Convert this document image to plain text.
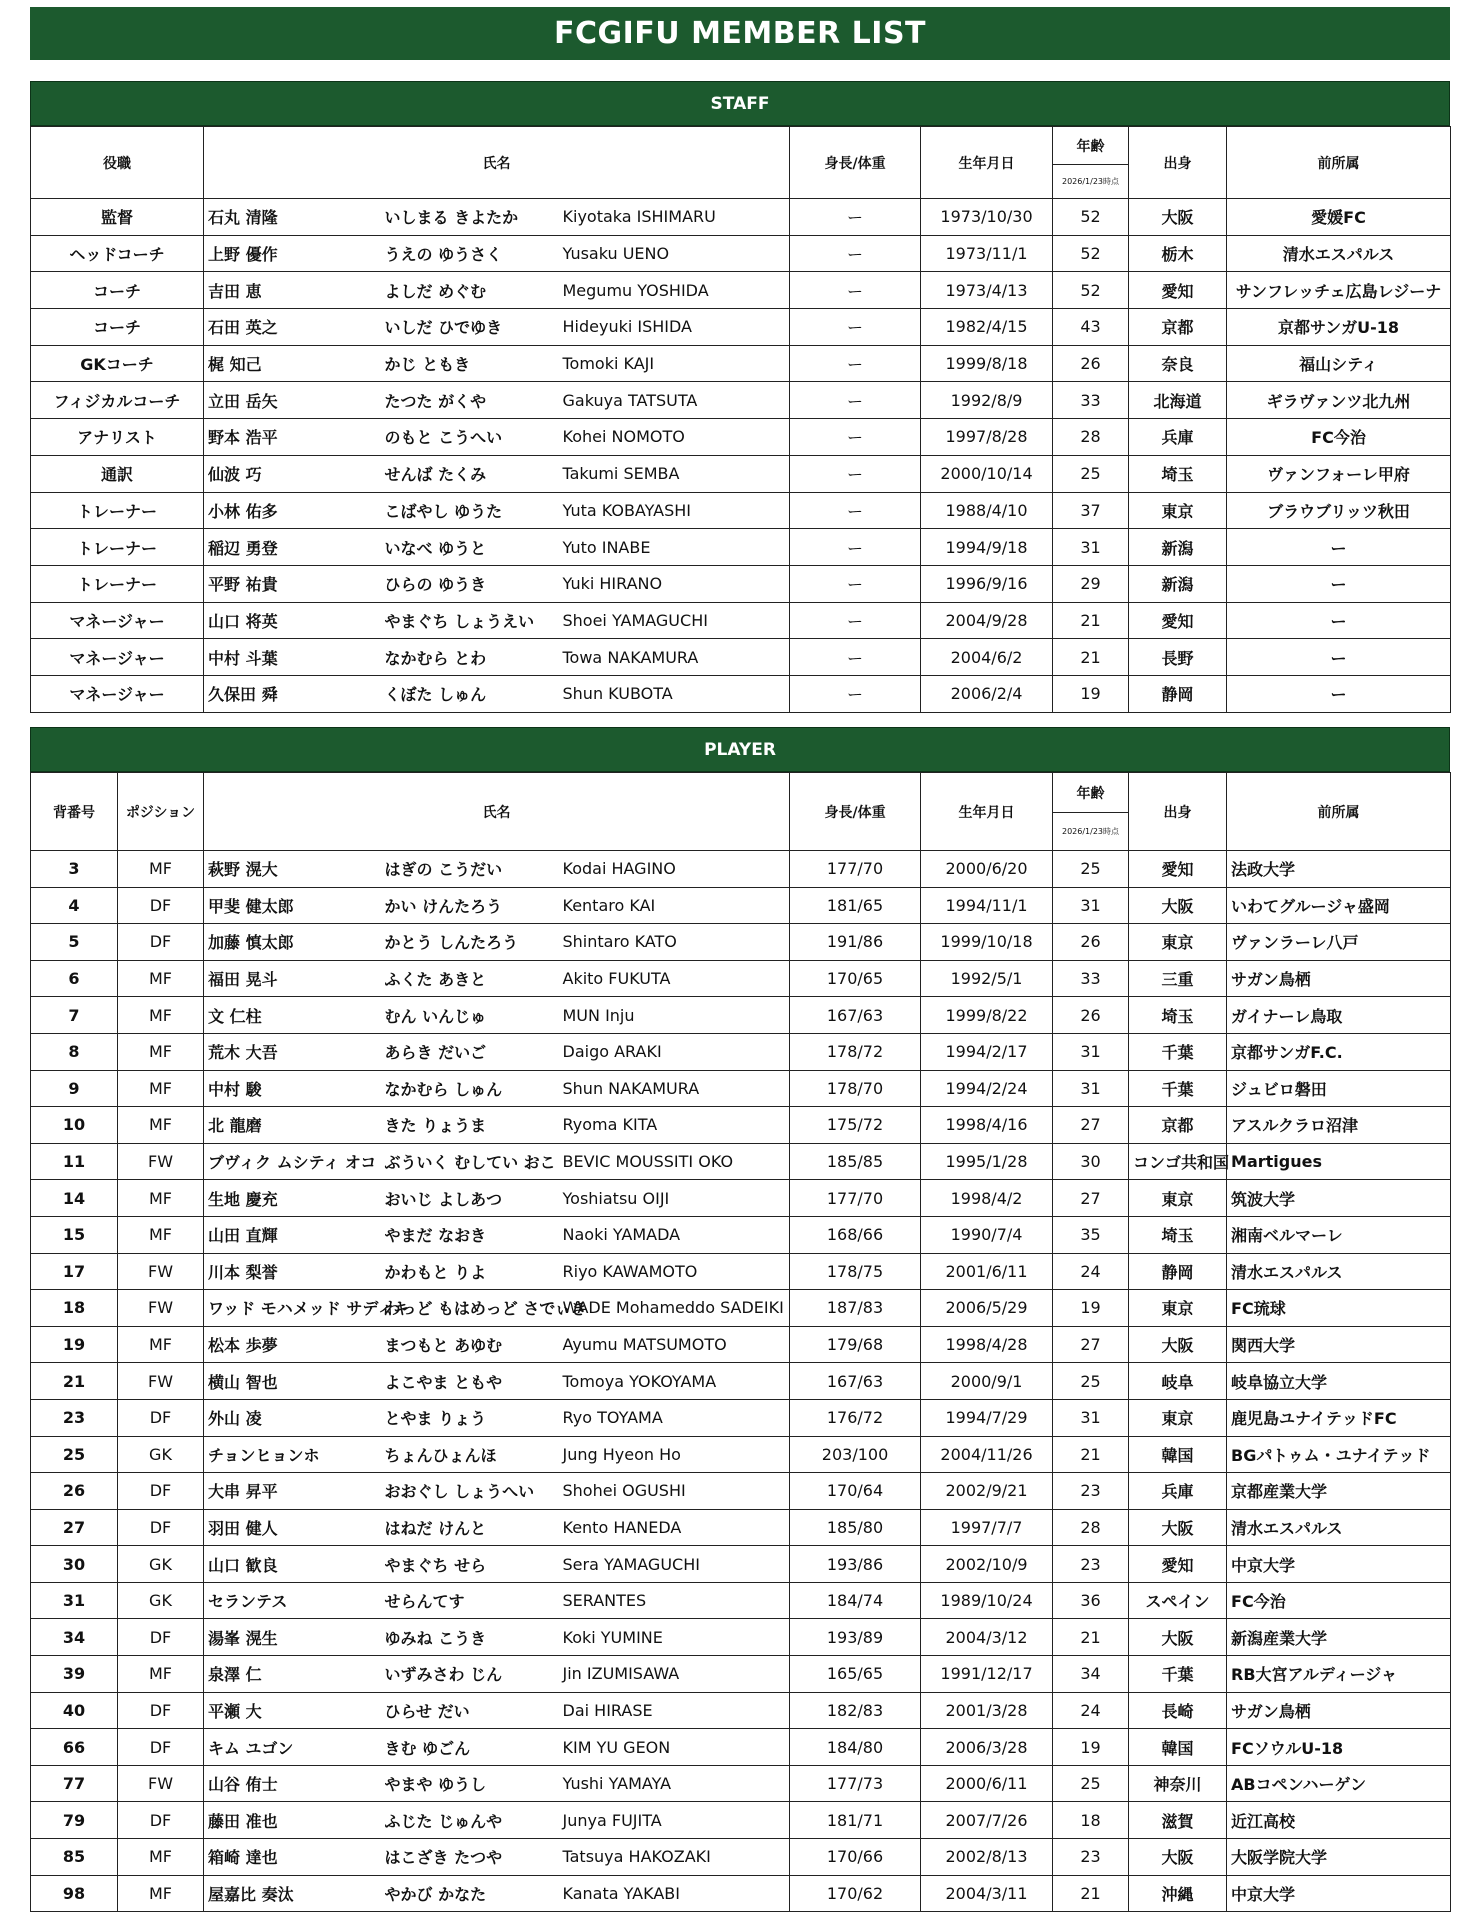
FCGIFU MEMBER LIST
STAFF
役職	氏名			身長/体重	生年月日	年齢	出身	前所属
						2026/1/23時点		
監督	石丸 清隆	いしまる きよたか	Kiyotaka ISHIMARU	ー	1973/10/30	52	大阪	愛媛FC
ヘッドコーチ	上野 優作	うえの ゆうさく	Yusaku UENO	ー	1973/11/1	52	栃木	清水エスパルス
コーチ	吉田 恵	よしだ めぐむ	Megumu YOSHIDA	ー	1973/4/13	52	愛知	サンフレッチェ広島レジーナ
コーチ	石田 英之	いしだ ひでゆき	Hideyuki ISHIDA	ー	1982/4/15	43	京都	京都サンガU-18
GKコーチ	梶 知己	かじ ともき	Tomoki KAJI	ー	1999/8/18	26	奈良	福山シティ
フィジカルコーチ	立田 岳矢	たつた がくや	Gakuya TATSUTA	ー	1992/8/9	33	北海道	ギラヴァンツ北九州
アナリスト	野本 浩平	のもと こうへい	Kohei NOMOTO	ー	1997/8/28	28	兵庫	FC今治
通訳	仙波 巧	せんば たくみ	Takumi SEMBA	ー	2000/10/14	25	埼玉	ヴァンフォーレ甲府
トレーナー	小林 佑多	こばやし ゆうた	Yuta KOBAYASHI	ー	1988/4/10	37	東京	ブラウブリッツ秋田
トレーナー	稲辺 勇登	いなべ ゆうと	Yuto INABE	ー	1994/9/18	31	新潟	ー
トレーナー	平野 祐貴	ひらの ゆうき	Yuki HIRANO	ー	1996/9/16	29	新潟	ー
マネージャー	山口 将英	やまぐち しょうえい	Shoei YAMAGUCHI	ー	2004/9/28	21	愛知	ー
マネージャー	中村 斗葉	なかむら とわ	Towa NAKAMURA	ー	2004/6/2	21	長野	ー
マネージャー	久保田 舜	くぼた しゅん	Shun KUBOTA	ー	2006/2/4	19	静岡	ー
PLAYER
背番号	ポジション	氏名			身長/体重	生年月日	年齢	出身	前所属
							2026/1/23時点		
3	MF	萩野 滉大	はぎの こうだい	Kodai HAGINO	177/70	2000/6/20	25	愛知	法政大学
4	DF	甲斐 健太郎	かい けんたろう	Kentaro KAI	181/65	1994/11/1	31	大阪	いわてグルージャ盛岡
5	DF	加藤 慎太郎	かとう しんたろう	Shintaro KATO	191/86	1999/10/18	26	東京	ヴァンラーレ八戸
6	MF	福田 晃斗	ふくた あきと	Akito FUKUTA	170/65	1992/5/1	33	三重	サガン鳥栖
7	MF	文 仁柱	むん いんじゅ	MUN Inju	167/63	1999/8/22	26	埼玉	ガイナーレ鳥取
8	MF	荒木 大吾	あらき だいご	Daigo ARAKI	178/72	1994/2/17	31	千葉	京都サンガF.C.
9	MF	中村 駿	なかむら しゅん	Shun NAKAMURA	178/70	1994/2/24	31	千葉	ジュビロ磐田
10	MF	北 龍磨	きた りょうま	Ryoma KITA	175/72	1998/4/16	27	京都	アスルクラロ沼津
11	FW	ブヴィク ムシティ オコ	ぶういく むしてい おこ	BEVIC MOUSSITI OKO	185/85	1995/1/28	30	コンゴ共和国	Martigues
14	MF	生地 慶充	おいじ よしあつ	Yoshiatsu OIJI	177/70	1998/4/2	27	東京	筑波大学
15	MF	山田 直輝	やまだ なおき	Naoki YAMADA	168/66	1990/7/4	35	埼玉	湘南ベルマーレ
17	FW	川本 梨誉	かわもと りよ	Riyo KAWAMOTO	178/75	2001/6/11	24	静岡	清水エスパルス
18	FW	ワッド モハメッド サディキ	わっど もはめっど さでぃき	WADE Mohameddo SADEIKI	187/83	2006/5/29	19	東京	FC琉球
19	MF	松本 歩夢	まつもと あゆむ	Ayumu MATSUMOTO	179/68	1998/4/28	27	大阪	関西大学
21	FW	横山 智也	よこやま ともや	Tomoya YOKOYAMA	167/63	2000/9/1	25	岐阜	岐阜協立大学
23	DF	外山 凌	とやま りょう	Ryo TOYAMA	176/72	1994/7/29	31	東京	鹿児島ユナイテッドFC
25	GK	チョンヒョンホ	ちょんひょんほ	Jung Hyeon Ho	203/100	2004/11/26	21	韓国	BGパトゥム・ユナイテッド
26	DF	大串 昇平	おおぐし しょうへい	Shohei OGUSHI	170/64	2002/9/21	23	兵庫	京都産業大学
27	DF	羽田 健人	はねだ けんと	Kento HANEDA	185/80	1997/7/7	28	大阪	清水エスパルス
30	GK	山口 歓良	やまぐち せら	Sera YAMAGUCHI	193/86	2002/10/9	23	愛知	中京大学
31	GK	セランテス	せらんてす	SERANTES	184/74	1989/10/24	36	スペイン	FC今治
34	DF	湯峯 滉生	ゆみね こうき	Koki YUMINE	193/89	2004/3/12	21	大阪	新潟産業大学
39	MF	泉澤 仁	いずみさわ じん	Jin IZUMISAWA	165/65	1991/12/17	34	千葉	RB大宮アルディージャ
40	DF	平瀬 大	ひらせ だい	Dai HIRASE	182/83	2001/3/28	24	長崎	サガン鳥栖
66	DF	キム ユゴン	きむ ゆごん	KIM YU GEON	184/80	2006/3/28	19	韓国	FCソウルU-18
77	FW	山谷 侑士	やまや ゆうし	Yushi YAMAYA	177/73	2000/6/11	25	神奈川	ABコペンハーゲン
79	DF	藤田 准也	ふじた じゅんや	Junya FUJITA	181/71	2007/7/26	18	滋賀	近江高校
85	MF	箱崎 達也	はこざき たつや	Tatsuya HAKOZAKI	170/66	2002/8/13	23	大阪	大阪学院大学
98	MF	屋嘉比 奏汰	やかび かなた	Kanata YAKABI	170/62	2004/3/11	21	沖縄	中京大学
